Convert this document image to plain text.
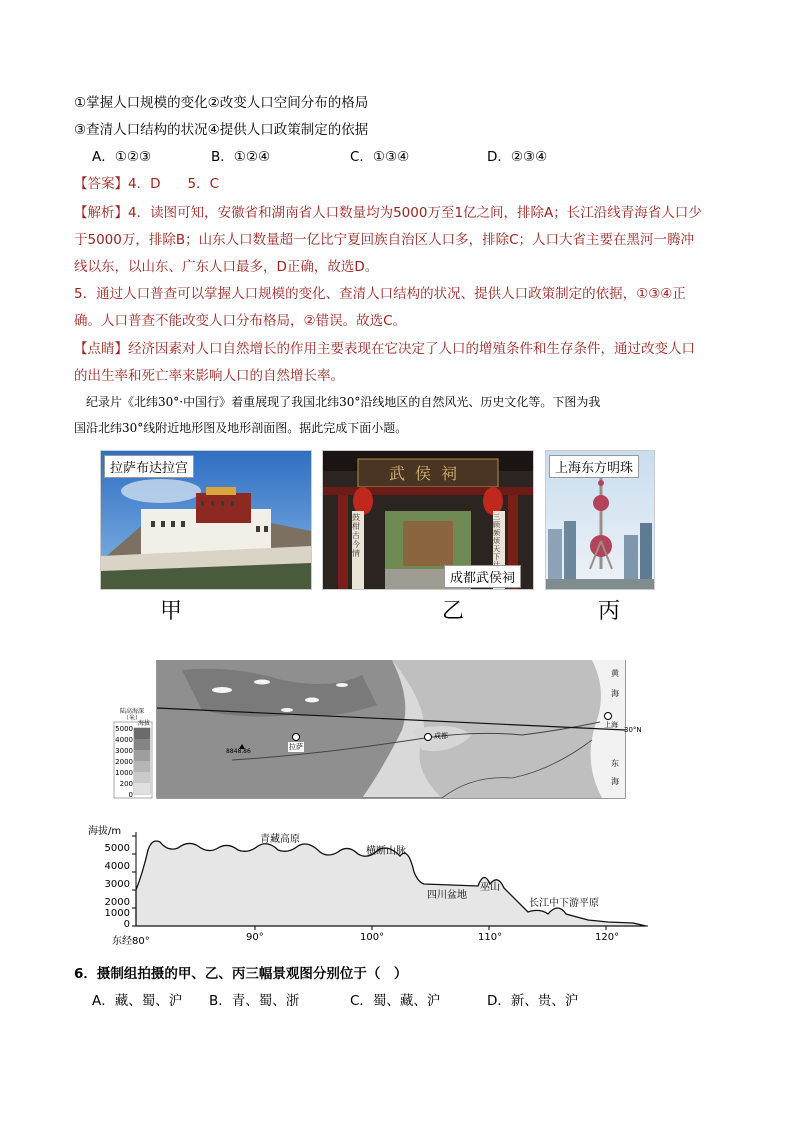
①掌握人口规模的变化②改变人口空间分布的格局
③查清人口结构的状况④提供人口政策制定的依据
A．①②③	B．①②④	C．①③④	D．②③④
【答案】4．D　　5．C
【解析】4．读图可知，安徽省和湖南省人口数量均为5000万至1亿之间，排除A；长江沿线青海省人口少
于5000万，排除B；山东人口数量超一亿比宁夏回族自治区人口多，排除C；人口大省主要在黑河一腾冲
线以东，以山东、广东人口最多，D正确，故选D。
5．通过人口普查可以掌握人口规模的变化、查清人口结构的状况、提供人口政策制定的依据，①③④正
确。人口普查不能改变人口分布格局，②错误。故选C。
【点睛】经济因素对人口自然增长的作用主要表现在它决定了人口的增殖条件和生存条件，通过改变人口
的出生率和死亡率来影响人口的自然增长率。
纪录片《北纬30°·中国行》着重展现了我国北纬30°沿线地区的自然风光、历史文化等。下图为我
国沿北纬30°线附近地形图及地形剖面图。据此完成下面小题。
拉萨布达拉宫	武侯祠
鼓柑古今情
三顾频烦天下
成都武侯祠
上海东方明珠
甲	乙	丙
陆高海深（米）
海拔
5000
4000
3000
2000
1000
200
0
拉萨
成都
上海
黄
海
东
海
8848.86
30°N
海拔/m
5000
4000
3000
2000
1000
0
东经80°	90°	100°	110°	120°
青藏高原
横断山脉
四川盆地
巫山
长江中下游平原
6．摄制组拍摄的甲、乙、丙三幅景观图分别位于（　）
A．藏、蜀、沪 B．青、蜀、浙	C．蜀、藏、沪	D．新、贵、沪
